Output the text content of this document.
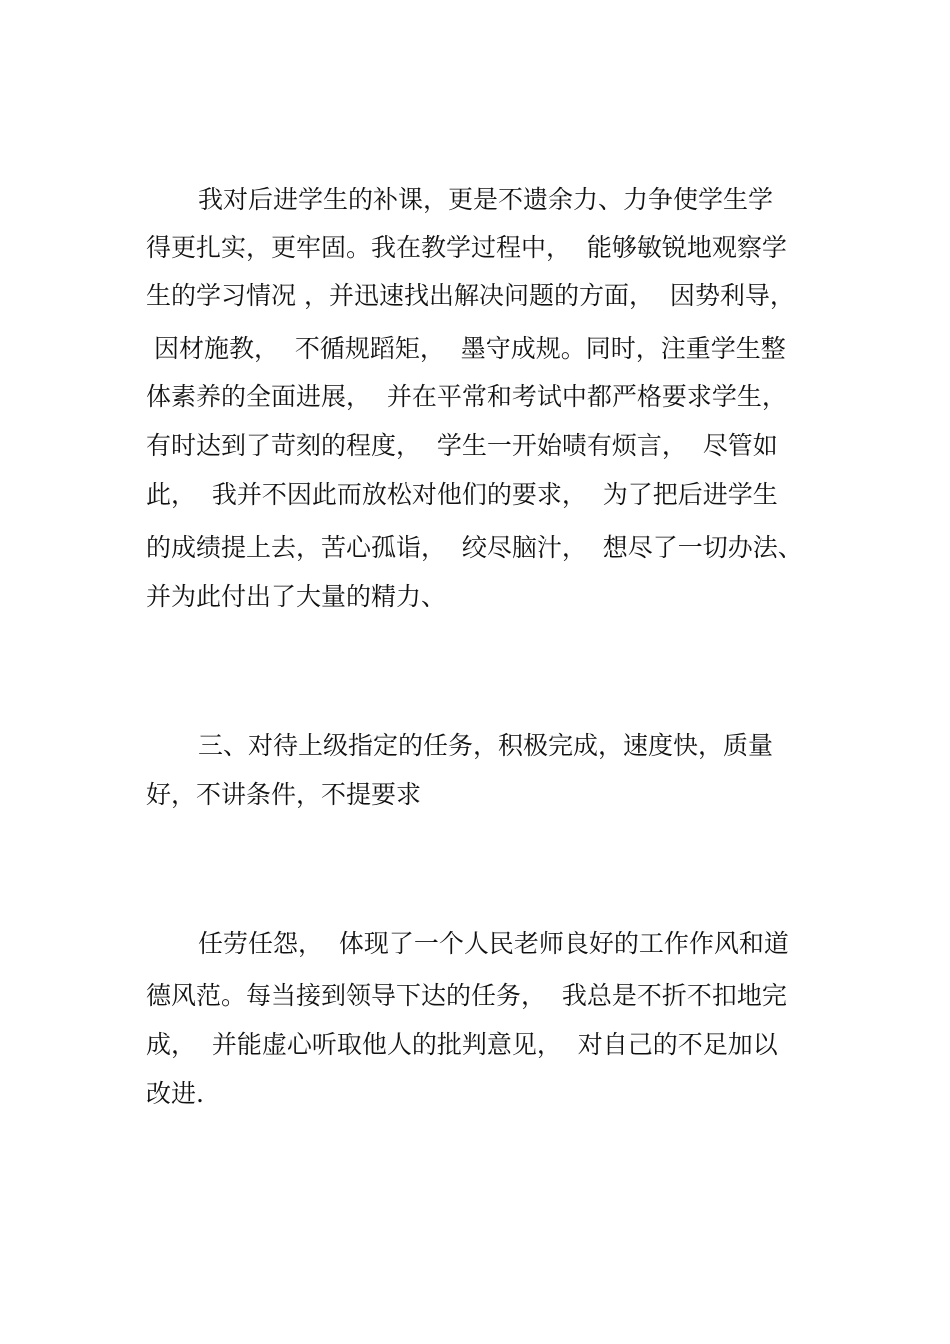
我对后进学生的补课，更是不遗余力、力争使学生学
得更扎实，更牢固。我在教学过程中，  能够敏锐地观察学
生的学习情况 ，并迅速找出解决问题的方面，  因势利导，
因材施教，  不循规蹈矩，  墨守成规。同时，注重学生整
体素养的全面进展，  并在平常和考试中都严格要求学生，
有时达到了苛刻的程度，  学生一开始啧有烦言，  尽管如
此，  我并不因此而放松对他们的要求，  为了把后进学生
的成绩提上去，苦心孤诣，  绞尽脑汁，  想尽了一切办法、
并为此付出了大量的精力、
三、对待上级指定的任务，积极完成，速度快，质量
好，不讲条件，不提要求
任劳任怨，  体现了一个人民老师良好的工作作风和道
德风范。每当接到领导下达的任务，  我总是不折不扣地完
成，  并能虚心听取他人的批判意见，  对自己的不足加以
改进.
